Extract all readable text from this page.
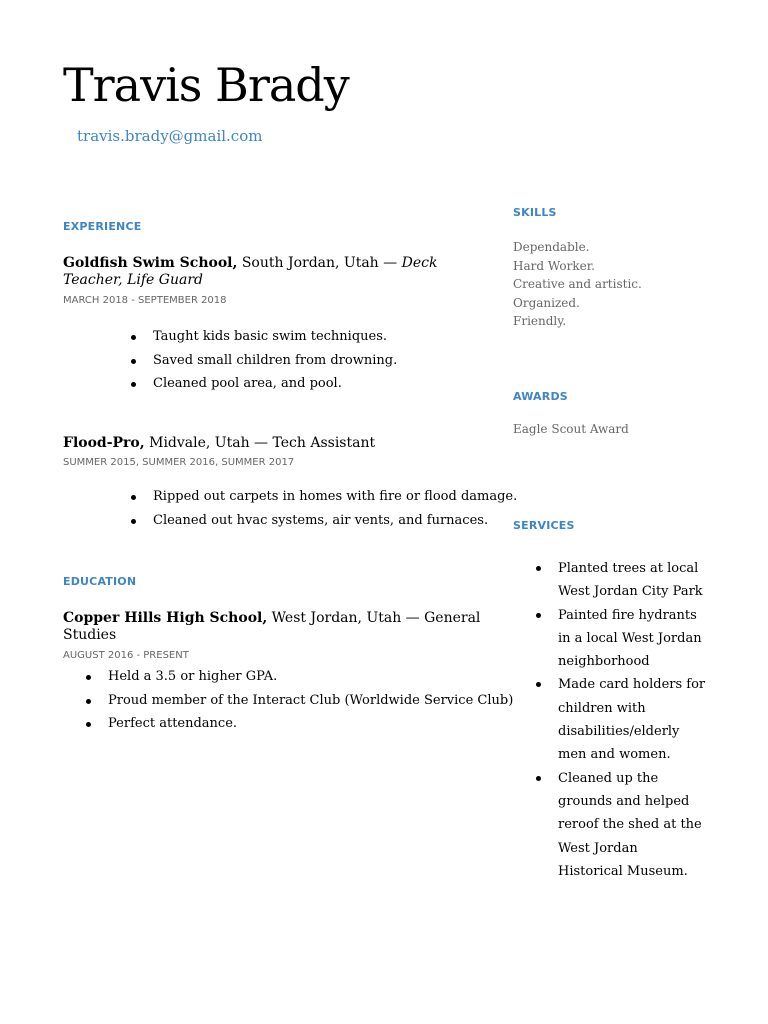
Travis Brady
travis.brady@gmail.com
EXPERIENCE

Goldfish Swim School, South Jordan, Utah — Deck Teacher, Life Guard

MARCH 2018 - SEPTEMBER 2018
Taught kids basic swim techniques.
Saved small children from drowning.
Cleaned pool area, and pool.

Flood-Pro, Midvale, Utah — Tech Assistant

SUMMER 2015, SUMMER 2016, SUMMER 2017
Ripped out carpets in homes with fire or flood damage.
Cleaned out hvac systems, air vents, and furnaces.
EDUCATION

Copper Hills High School, West Jordan, Utah — General Studies

AUGUST 2016 - PRESENT
Held a 3.5 or higher GPA.
Proud member of the Interact Club (Worldwide Service Club)
Perfect attendance.
SKILLS
Dependable.
Hard Worker.
Creative and artistic.
Organized.
Friendly.
AWARDS
Eagle Scout Award
SERVICES
Planted trees at local West Jordan City Park
Painted fire hydrants in a local West Jordan neighborhood
Made card holders for children with disabilities/elderly men and women.
Cleaned up the grounds and helped reroof the shed at the West Jordan Historical Museum.
